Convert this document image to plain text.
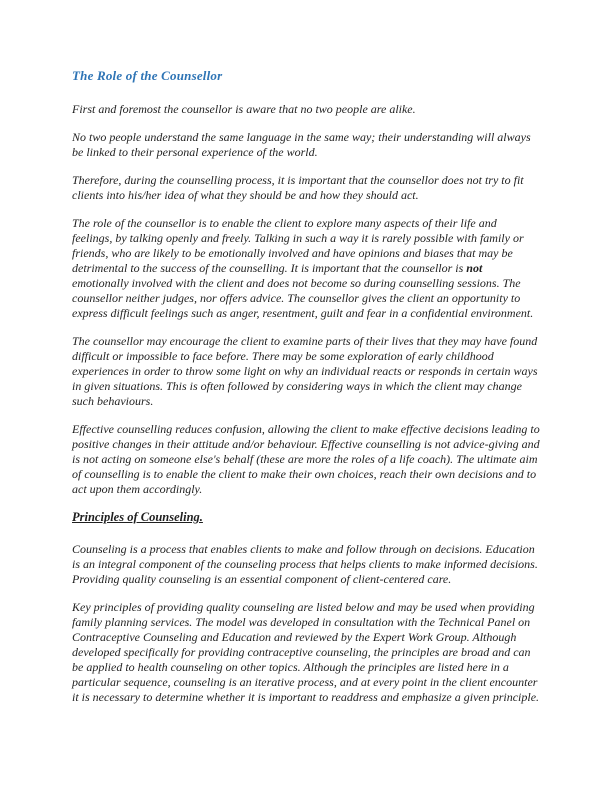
The Role of the Counsellor

First and foremost the counsellor is aware that no two people are alike.

No two people understand the same language in the same way; their understanding will always be linked to their personal experience of the world.

Therefore, during the counselling process, it is important that the counsellor does not try to fit clients into his/her idea of what they should be and how they should act.

The role of the counsellor is to enable the client to explore many aspects of their life and feelings, by talking openly and freely. Talking in such a way it is rarely possible with family or friends, who are likely to be emotionally involved and have opinions and biases that may be detrimental to the success of the counselling. It is important that the counsellor is not emotionally involved with the client and does not become so during counselling sessions. The counsellor neither judges, nor offers advice. The counsellor gives the client an opportunity to express difficult feelings such as anger, resentment, guilt and fear in a confidential environment.

The counsellor may encourage the client to examine parts of their lives that they may have found difficult or impossible to face before. There may be some exploration of early childhood experiences in order to throw some light on why an individual reacts or responds in certain ways in given situations. This is often followed by considering ways in which the client may change such behaviours.

Effective counselling reduces confusion, allowing the client to make effective decisions leading to positive changes in their attitude and/or behaviour. Effective counselling is not advice-giving and is not acting on someone else's behalf (these are more the roles of a life coach). The ultimate aim of counselling is to enable the client to make their own choices, reach their own decisions and to act upon them accordingly.

Principles of Counseling.

Counseling is a process that enables clients to make and follow through on decisions. Education is an integral component of the counseling process that helps clients to make informed decisions. Providing quality counseling is an essential component of client-centered care.

Key principles of providing quality counseling are listed below and may be used when providing family planning services. The model was developed in consultation with the Technical Panel on Contraceptive Counseling and Education and reviewed by the Expert Work Group. Although developed specifically for providing contraceptive counseling, the principles are broad and can be applied to health counseling on other topics. Although the principles are listed here in a particular sequence, counseling is an iterative process, and at every point in the client encounter it is necessary to determine whether it is important to readdress and emphasize a given principle.
